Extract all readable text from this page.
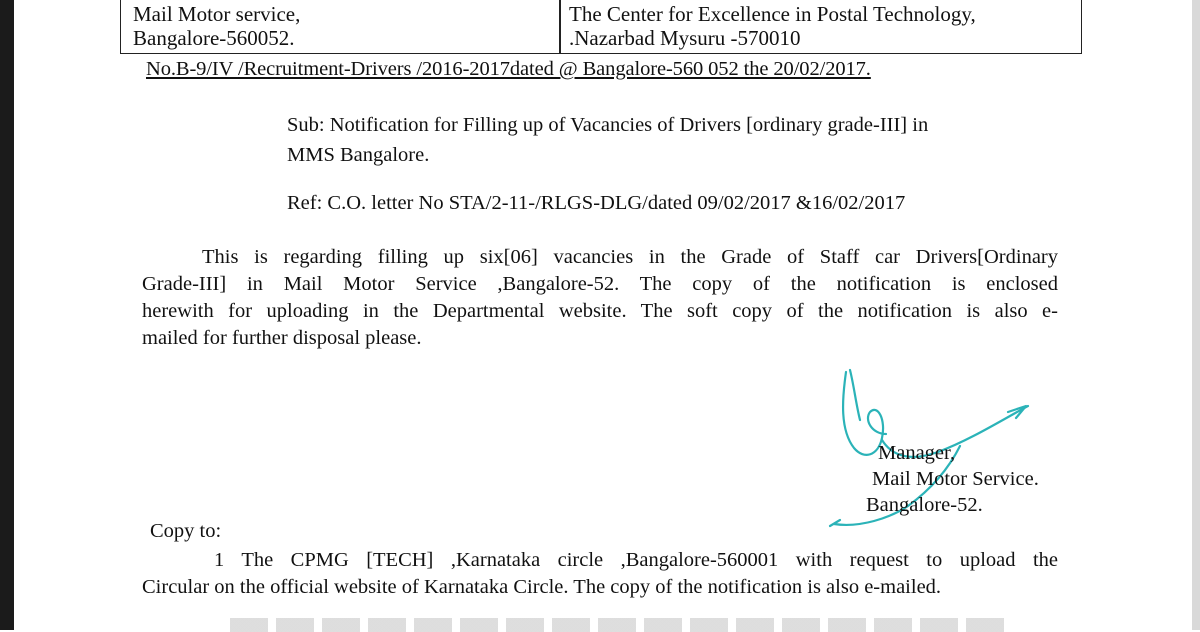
Mail Motor service,
Bangalore-560052.
The Center for Excellence in Postal Technology,
.Nazarbad Mysuru -570010
No.B-9/IV /Recruitment-Drivers /2016-2017dated @ Bangalore-560 052 the 20/02/2017.
Sub: Notification for Filling up of Vacancies of Drivers [ordinary grade-III] in
MMS Bangalore.
Ref: C.O. letter No STA/2-11-/RLGS-DLG/dated 09/02/2017 &16/02/2017
This is regarding filling up six[06] vacancies in the Grade of Staff car Drivers[Ordinary
Grade-III] in Mail Motor Service ,Bangalore-52. The copy of the notification is enclosed
herewith for uploading in the Departmental website. The soft copy of the notification is also e-
mailed for further disposal please.
Manager,
Mail Motor Service.
Bangalore-52.
Copy to:
1 The CPMG [TECH] ,Karnataka circle ,Bangalore-560001 with request to upload the
Circular on the official website of Karnataka Circle. The copy of the notification is also e-mailed.
